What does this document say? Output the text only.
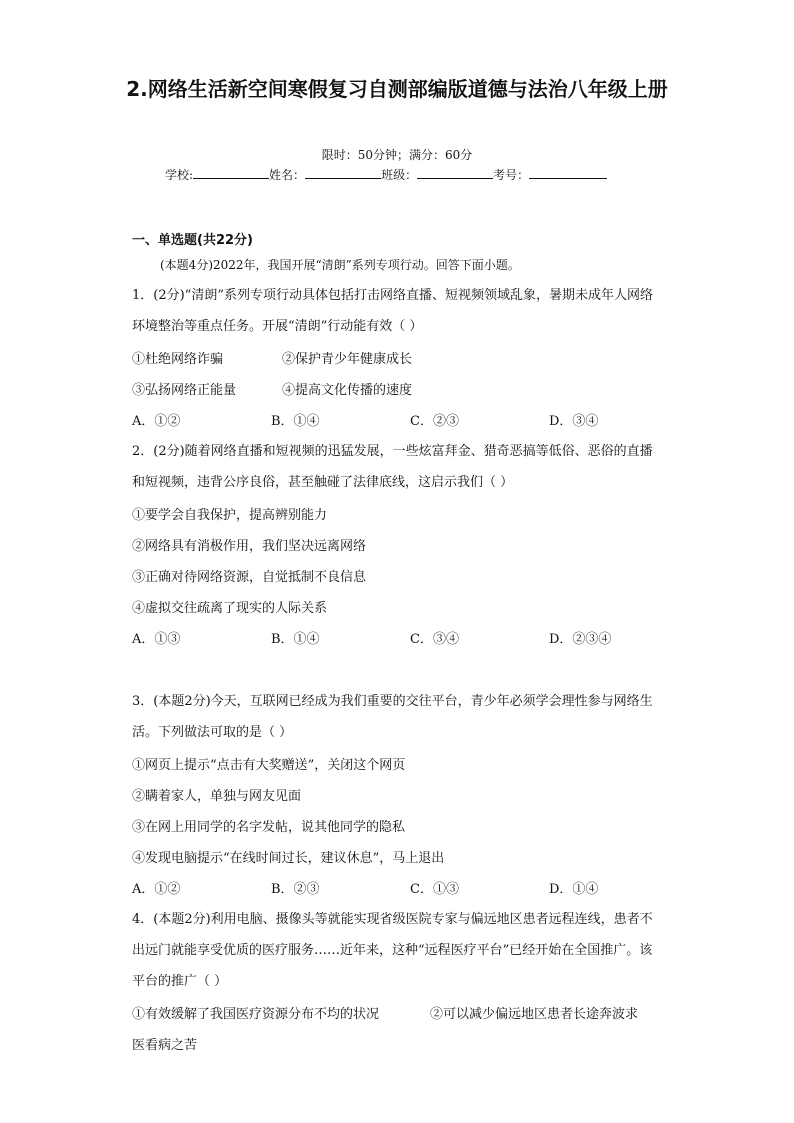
2.网络生活新空间寒假复习自测部编版道德与法治八年级上册
限时：50分钟；满分：60分
学校:	姓名：	班级：	考号：
一、单选题(共22分)
(本题4分)2022年，我国开展“清朗”系列专项行动。回答下面小题。
1．(2分)“清朗”系列专项行动具体包括打击网络直播、短视频领域乱象，暑期未成年人网络环境整治等重点任务。开展“清朗”行动能有效（ ）
①杜绝网络诈骗	②保护青少年健康成长
③弘扬网络正能量	④提高文化传播的速度
A．①②	B．①④	C．②③	D．③④
2．(2分)随着网络直播和短视频的迅猛发展，一些炫富拜金、猎奇恶搞等低俗、恶俗的直播和短视频，违背公序良俗，甚至触碰了法律底线，这启示我们（ ）
①要学会自我保护，提高辨别能力
②网络具有消极作用，我们坚决远离网络
③正确对待网络资源，自觉抵制不良信息
④虚拟交往疏离了现实的人际关系
A．①③	B．①④	C．③④	D．②③④
3．(本题2分)今天，互联网已经成为我们重要的交往平台，青少年必须学会理性参与网络生活。下列做法可取的是（ ）
①网页上提示“点击有大奖赠送”，关闭这个网页
②瞒着家人，单独与网友见面
③在网上用同学的名字发帖，说其他同学的隐私
④发现电脑提示“在线时间过长，建议休息”，马上退出
A．①②	B．②③	C．①③	D．①④
4．(本题2分)利用电脑、摄像头等就能实现省级医院专家与偏远地区患者远程连线，患者不出远门就能享受优质的医疗服务……近年来，这种“远程医疗平台”已经开始在全国推广。该平台的推广（ ）
①有效缓解了我国医疗资源分布不均的状况	②可以减少偏远地区患者长途奔波求
医看病之苦
